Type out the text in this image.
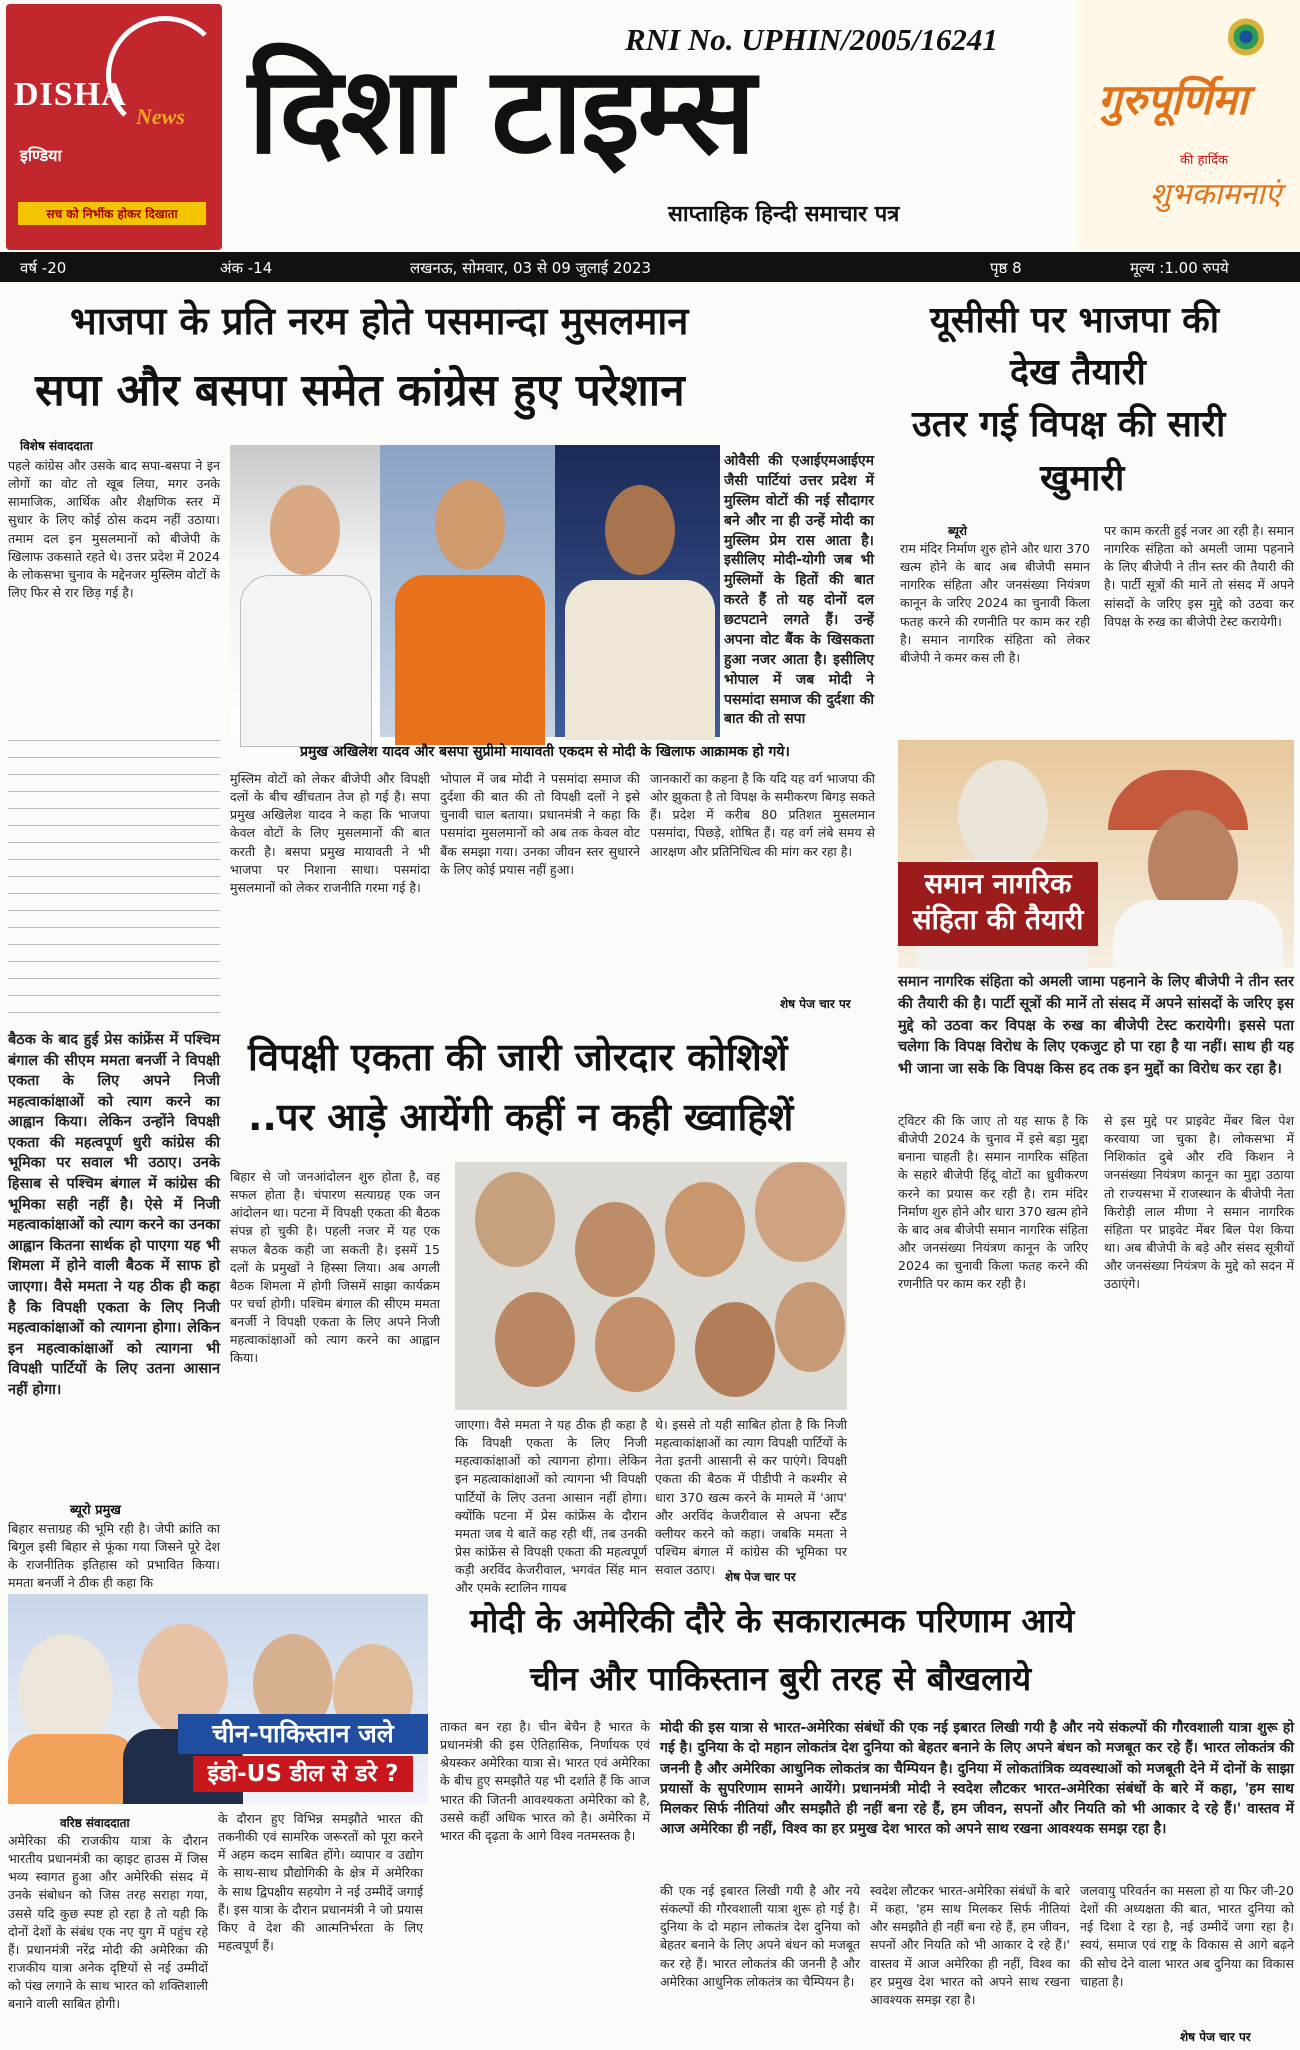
DISHA
News
इण्डिया
सच को निर्भीक होकर दिखाता
RNI No. UPHIN/2005/16241
दिशा टाइम्स
साप्ताहिक हिन्दी समाचार पत्र
गुरुपूर्णिमा
की हार्दिक
शुभकामनाएं
वर्ष -20	अंक -14	लखनऊ, सोमवार, 03 से 09 जुलाई 2023	पृष्ठ 8	मूल्य :1.00 रुपये
भाजपा के प्रति नरम होते पसमान्दा मुसलमान
सपा और बसपा समेत कांग्रेस हुए परेशान
विशेष संवाददाता
पहले कांग्रेस और उसके बाद सपा-बसपा ने इन लोगों का वोट तो खूब लिया, मगर उनके सामाजिक, आर्थिक और शैक्षणिक स्तर में सुधार के लिए कोई ठोस कदम नहीं उठाया। तमाम दल इन मुसलमानों को बीजेपी के खिलाफ उकसाते रहते थे। उत्तर प्रदेश में 2024 के लोकसभा चुनाव के मद्देनजर मुस्लिम वोटों के लिए फिर से रार छिड़ गई है।
ओवैसी की एआईएमआईएम जैसी पार्टियां उत्तर प्रदेश में मुस्लिम वोटों की नई सौदागर बने और ना ही उन्हें मोदी का मुस्लिम प्रेम रास आता है। इसीलिए मोदी-योगी जब भी मुस्लिमों के हितों की बात करते हैं तो यह दोनों दल छटपटाने लगते हैं। उन्हें अपना वोट बैंक के खिसकता हुआ नजर आता है। इसीलिए भोपाल में जब मोदी ने पसमांदा समाज की दुर्दशा की बात की तो सपा
प्रमुख अखिलेश यादव और बसपा सुप्रीमो मायावती एकदम से मोदी के खिलाफ आक्रामक हो गये।
मुस्लिम वोटों को लेकर बीजेपी और विपक्षी दलों के बीच खींचतान तेज हो गई है। सपा प्रमुख अखिलेश यादव ने कहा कि भाजपा केवल वोटों के लिए मुसलमानों की बात करती है। बसपा प्रमुख मायावती ने भी भाजपा पर निशाना साधा। पसमांदा मुसलमानों को लेकर राजनीति गरमा गई है।
भोपाल में जब मोदी ने पसमांदा समाज की दुर्दशा की बात की तो विपक्षी दलों ने इसे चुनावी चाल बताया। प्रधानमंत्री ने कहा कि पसमांदा मुसलमानों को अब तक केवल वोट बैंक समझा गया। उनका जीवन स्तर सुधारने के लिए कोई प्रयास नहीं हुआ।
जानकारों का कहना है कि यदि यह वर्ग भाजपा की ओर झुकता है तो विपक्ष के समीकरण बिगड़ सकते हैं। प्रदेश में करीब 80 प्रतिशत मुसलमान पसमांदा, पिछड़े, शोषित हैं। यह वर्ग लंबे समय से आरक्षण और प्रतिनिधित्व की मांग कर रहा है।
शेष पेज चार पर
यूसीसी पर भाजपा की
देख तैयारी
उतर गई विपक्ष की सारी
खुमारी
ब्यूरो
राम मंदिर निर्माण शुरु होने और धारा 370 खत्म होने के बाद अब बीजेपी समान नागरिक संहिता और जनसंख्या नियंत्रण कानून के जरिए 2024 का चुनावी किला फतह करने की रणनीति पर काम कर रही है। समान नागरिक संहिता को लेकर बीजेपी ने कमर कस ली है।
पर काम करती हुई नजर आ रही है। समान नागरिक संहिता को अमली जामा पहनाने के लिए बीजेपी ने तीन स्तर की तैयारी की है। पार्टी सूत्रों की मानें तो संसद में अपने सांसदों के जरिए इस मुद्दे को उठवा कर विपक्ष के रुख का बीजेपी टेस्ट करायेगी।
समान नागरिक
संहिता की तैयारी
समान नागरिक संहिता को अमली जामा पहनाने के लिए बीजेपी ने तीन स्तर की तैयारी की है। पार्टी सूत्रों की मानें तो संसद में अपने सांसदों के जरिए इस मुद्दे को उठवा कर विपक्ष के रुख का बीजेपी टेस्ट करायेगी। इससे पता चलेगा कि विपक्ष विरोध के लिए एकजुट हो पा रहा है या नहीं। साथ ही यह भी जाना जा सके कि विपक्ष किस हद तक इन मुद्दों का विरोध कर रहा है।
ट्विटर की कि जाए तो यह साफ है कि बीजेपी 2024 के चुनाव में इसे बड़ा मुद्दा बनाना चाहती है। समान नागरिक संहिता के सहारे बीजेपी हिंदू वोटों का ध्रुवीकरण करने का प्रयास कर रही है। राम मंदिर निर्माण शुरु होने और धारा 370 खत्म होने के बाद अब बीजेपी समान नागरिक संहिता और जनसंख्या नियंत्रण कानून के जरिए 2024 का चुनावी किला फतह करने की रणनीति पर काम कर रही है।
से इस मुद्दे पर प्राइवेट मेंबर बिल पेश करवाया जा चुका है। लोकसभा में निशिकांत दुबे और रवि किशन ने जनसंख्या नियंत्रण कानून का मुद्दा उठाया तो राज्यसभा में राजस्थान के बीजेपी नेता किरोड़ी लाल मीणा ने समान नागरिक संहिता पर प्राइवेट मेंबर बिल पेश किया था। अब बीजेपी के बड़े और संसद सूत्रीयों और जनसंख्या नियंत्रण के मुद्दे को सदन में उठाएंगे।
विपक्षी एकता की जारी जोरदार कोशिशें
..पर आड़े आयेंगी कहीं न कही ख्वाहिशें
बैठक के बाद हुई प्रेस कांफ्रेंस में पश्चिम बंगाल की सीएम ममता बनर्जी ने विपक्षी एकता के लिए अपने निजी महत्वाकांक्षाओं को त्याग करने का आह्वान किया। लेकिन उन्होंने विपक्षी एकता की महत्वपूर्ण धुरी कांग्रेस की भूमिका पर सवाल भी उठाए। उनके हिसाब से पश्चिम बंगाल में कांग्रेस की भूमिका सही नहीं है। ऐसे में निजी महत्वाकांक्षाओं को त्याग करने का उनका आह्वान कितना सार्थक हो पाएगा यह भी शिमला में होने वाली बैठक में साफ हो जाएगा। वैसे ममता ने यह ठीक ही कहा है कि विपक्षी एकता के लिए निजी महत्वाकांक्षाओं को त्यागना होगा। लेकिन इन महत्वाकांक्षाओं को त्यागना भी विपक्षी पार्टियों के लिए उतना आसान नहीं होगा।
ब्यूरो प्रमुख
बिहार सत्ताग्रह की भूमि रही है। जेपी क्रांति का बिगुल इसी बिहार से फूंका गया जिसने पूरे देश के राजनीतिक इतिहास को प्रभावित किया। ममता बनर्जी ने ठीक ही कहा कि
बिहार से जो जनआंदोलन शुरु होता है, वह सफल होता है। चंपारण सत्याग्रह एक जन आंदोलन था। पटना में विपक्षी एकता की बैठक संपन्न हो चुकी है। पहली नजर में यह एक सफल बैठक कही जा सकती है। इसमें 15 दलों के प्रमुखों ने हिस्सा लिया। अब अगली बैठक शिमला में होगी जिसमें साझा कार्यक्रम पर चर्चा होगी। पश्चिम बंगाल की सीएम ममता बनर्जी ने विपक्षी एकता के लिए अपने निजी महत्वाकांक्षाओं को त्याग करने का आह्वान किया।
जाएगा। वैसे ममता ने यह ठीक ही कहा है कि विपक्षी एकता के लिए निजी महत्वाकांक्षाओं को त्यागना होगा। लेकिन इन महत्वाकांक्षाओं को त्यागना भी विपक्षी पार्टियों के लिए उतना आसान नहीं होगा। क्योंकि पटना में प्रेस कांफ्रेंस के दौरान ममता जब ये बातें कह रही थीं, तब उनकी प्रेस कांफ्रेंस से विपक्षी एकता की महत्वपूर्ण कड़ी अरविंद केजरीवाल, भगवंत सिंह मान और एमके स्टालिन गायब
थे। इससे तो यही साबित होता है कि निजी महत्वाकांक्षाओं का त्याग विपक्षी पार्टियों के नेता इतनी आसानी से कर पाएंगे। विपक्षी एकता की बैठक में पीडीपी ने कश्मीर से धारा 370 खत्म करने के मामले में 'आप' और अरविंद केजरीवाल से अपना स्टैंड क्लीयर करने को कहा। जबकि ममता ने पश्चिम बंगाल में कांग्रेस की भूमिका पर सवाल उठाए। शेष पेज चार पर
चीन-पाकिस्तान जले
इंडो-US डील से डरे ?
वरिष्ठ संवाददाता
अमेरिका की राजकीय यात्रा के दौरान भारतीय प्रधानमंत्री का व्हाइट हाउस में जिस भव्य स्वागत हुआ और अमेरिकी संसद में उनके संबोधन को जिस तरह सराहा गया, उससे यदि कुछ स्पष्ट हो रहा है तो यही कि दोनों देशों के संबंध एक नए युग में पहुंच रहे हैं। प्रधानमंत्री नरेंद्र मोदी की अमेरिका की राजकीय यात्रा अनेक दृष्टियों से नई उम्मीदों को पंख लगाने के साथ भारत को शक्तिशाली बनाने वाली साबित होगी।
के दौरान हुए विभिन्न समझौते भारत की तकनीकी एवं सामरिक जरूरतों को पूरा करने में अहम कदम साबित होंगे। व्यापार व उद्योग के साथ-साथ प्रौद्योगिकी के क्षेत्र में अमेरिका के साथ द्विपक्षीय सहयोग ने नई उम्मीदें जगाई हैं। इस यात्रा के दौरान प्रधानमंत्री ने जो प्रयास किए वे देश की आत्मनिर्भरता के लिए महत्वपूर्ण हैं।
मोदी के अमेरिकी दौरे के सकारात्मक परिणाम आये
चीन और पाकिस्तान बुरी तरह से बौखलाये
ताकत बन रहा है। चीन बेचैन है भारत के प्रधानमंत्री की इस ऐतिहासिक, निर्णायक एवं श्रेयस्कर अमेरिका यात्रा से। भारत एवं अमेरिका के बीच हुए समझौते यह भी दर्शाते हैं कि आज भारत की जितनी आवश्यकता अमेरिका को है, उससे कहीं अधिक भारत को है। अमेरिका में भारत की दृढ़ता के आगे विश्व नतमस्तक है।
मोदी की इस यात्रा से भारत-अमेरिका संबंधों की एक नई इबारत लिखी गयी है और नये संकल्पों की गौरवशाली यात्रा शुरू हो गई है। दुनिया के दो महान लोकतंत्र देश दुनिया को बेहतर बनाने के लिए अपने बंधन को मजबूत कर रहे हैं। भारत लोकतंत्र की जननी है और अमेरिका आधुनिक लोकतंत्र का चैम्पियन है। दुनिया में लोकतांत्रिक व्यवस्थाओं को मजबूती देने में दोनों के साझा प्रयासों के सुपरिणाम सामने आयेंगे। प्रधानमंत्री मोदी ने स्वदेश लौटकर भारत-अमेरिका संबंधों के बारे में कहा, 'हम साथ मिलकर सिर्फ नीतियां और समझौते ही नहीं बना रहे हैं, हम जीवन, सपनों और नियति को भी आकार दे रहे हैं।' वास्तव में आज अमेरिका ही नहीं, विश्व का हर प्रमुख देश भारत को अपने साथ रखना आवश्यक समझ रहा है।
की एक नई इबारत लिखी गयी है और नये संकल्पों की गौरवशाली यात्रा शुरू हो गई है। दुनिया के दो महान लोकतंत्र देश दुनिया को बेहतर बनाने के लिए अपने बंधन को मजबूत कर रहे हैं। भारत लोकतंत्र की जननी है और अमेरिका आधुनिक लोकतंत्र का चैम्पियन है।
स्वदेश लौटकर भारत-अमेरिका संबंधों के बारे में कहा, 'हम साथ मिलकर सिर्फ नीतियां और समझौते ही नहीं बना रहे हैं, हम जीवन, सपनों और नियति को भी आकार दे रहे हैं।' वास्तव में आज अमेरिका ही नहीं, विश्व का हर प्रमुख देश भारत को अपने साथ रखना आवश्यक समझ रहा है।
जलवायु परिवर्तन का मसला हो या फिर जी-20 देशों की अध्यक्षता की बात, भारत दुनिया को नई दिशा दे रहा है, नई उम्मीदें जगा रहा है। स्वयं, समाज एवं राष्ट्र के विकास से आगे बढ़ने की सोच देने वाला भारत अब दुनिया का विकास चाहता है।
शेष पेज चार पर
